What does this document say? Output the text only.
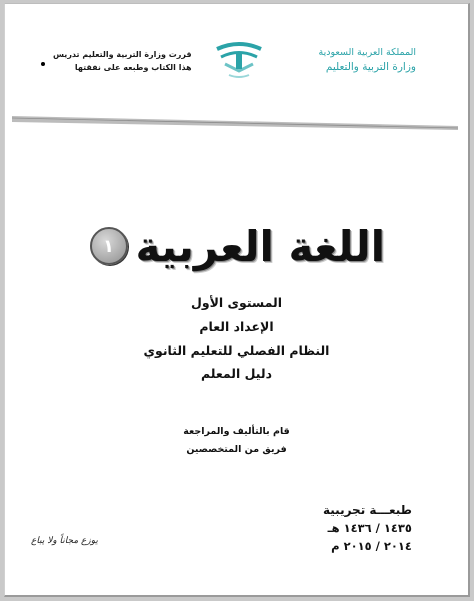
المملكة العربية السعودية
وزارة التربية والتعليم
قررت وزارة التربية والتعليم تدريس
هذا الكتاب وطبعه على نفقتها
١ اللغة العربية
المستوى الأول
الإعداد العام
النظام الفصلي للتعليم الثانوي
دليل المعلم
قام بالتأليف والمراجعة
فريق من المتخصصين
طبعـــة تجريبية
١٤٣٥ / ١٤٣٦ هـ
٢٠١٤ / ٢٠١٥ م
يوزع مجاناً ولا يباع
